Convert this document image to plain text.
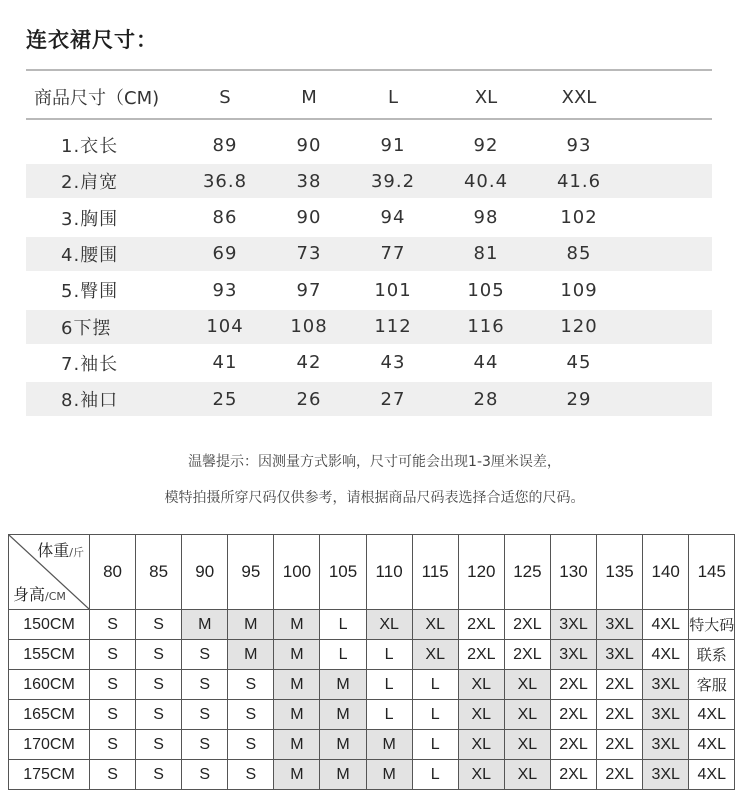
连衣裙尺寸：
商品尺寸（CM)	S	M	L	XL	XXL
1.衣长	89	90	91	92	93
2.肩宽	36.8	38	39.2	40.4	41.6
3.胸围	86	90	94	98	102
4.腰围	69	73	77	81	85
5.臀围	93	97	101	105	109
6下摆	104	108	112	116	120
7.袖长	41	42	43	44	45
8.袖口	25	26	27	28	29
温馨提示：因测量方式影响，尺寸可能会出现1-3厘米误差，
模特拍摄所穿尺码仅供参考，请根据商品尺码表选择合适您的尺码。
体重/斤
身高/CM	80	85	90	95	100	105	110	115	120	125	130	135	140	145
150CM	S	S	M	M	M	L	XL	XL	2XL	2XL	3XL	3XL	4XL	特大码
155CM	S	S	S	M	M	L	L	XL	2XL	2XL	3XL	3XL	4XL	联系
160CM	S	S	S	S	M	M	L	L	XL	XL	2XL	2XL	3XL	客服
165CM	S	S	S	S	M	M	L	L	XL	XL	2XL	2XL	3XL	4XL
170CM	S	S	S	S	M	M	M	L	XL	XL	2XL	2XL	3XL	4XL
175CM	S	S	S	S	M	M	M	L	XL	XL	2XL	2XL	3XL	4XL
